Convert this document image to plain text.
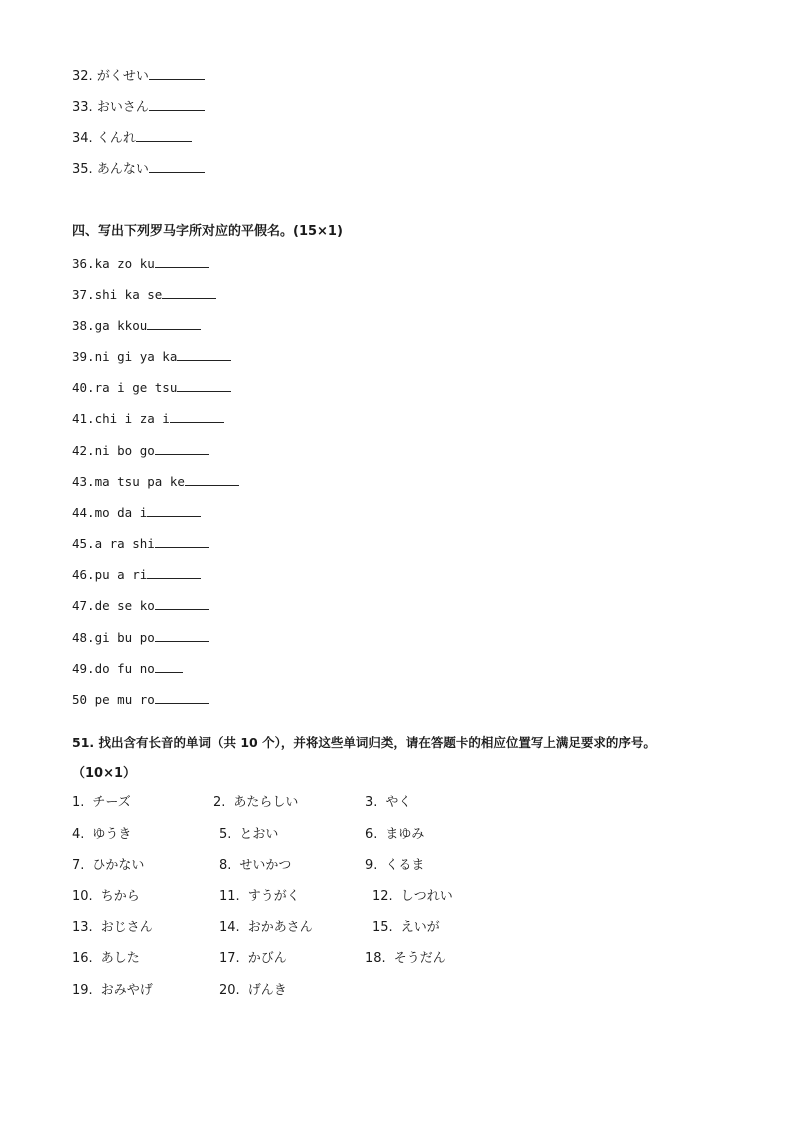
32. がくせい
33. おいさん
34. くんれ
35. あんない
四、写出下列罗马字所对应的平假名。(15×1)
36.ka zo ku
37.shi ka se
38.ga kkou
39.ni gi ya ka
40.ra i ge tsu
41.chi i za i
42.ni bo go
43.ma tsu pa ke
44.mo da i
45.a ra shi
46.pu a ri
47.de se ko
48.gi bu po
49.do fu no
50 pe mu ro
51. 找出含有长音的单词（共 10 个），并将这些单词归类，请在答题卡的相应位置写上满足要求的序号。
（10×1）
1. チーズ	2. あたらしい	3. やく
4. ゆうき	5. とおい	6. まゆみ
7. ひかない	8. せいかつ	9. くるま
10. ちから	11. すうがく	12. しつれい
13. おじさん	14. おかあさん	15. えいが
16. あした	17. かびん	18. そうだん
19. おみやげ	20. げんき
